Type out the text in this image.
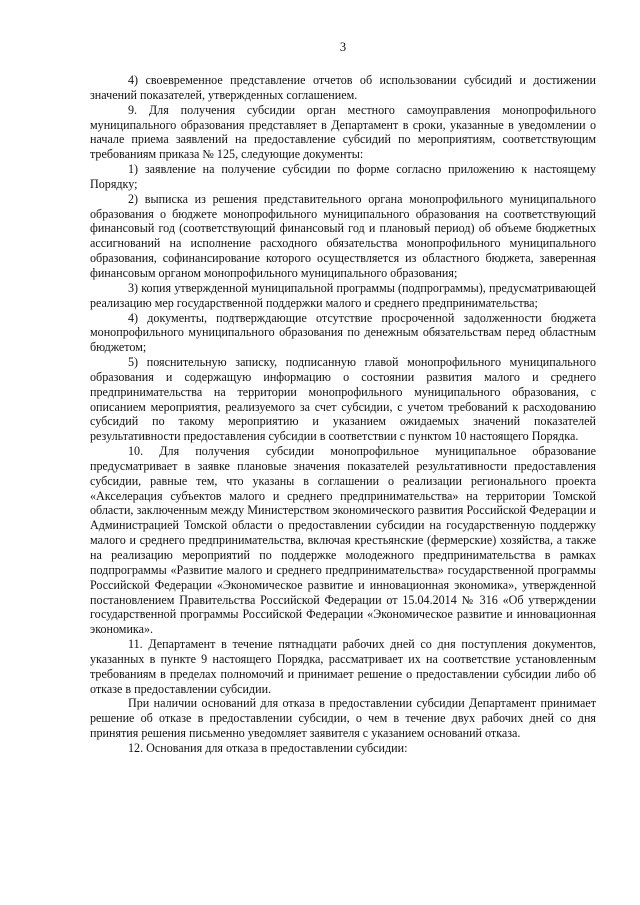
3

4) своевременное представление отчетов об использовании субсидий и достижении значений показателей, утвержденных соглашением.

9. Для получения субсидии орган местного самоуправления монопрофильного муниципального образования представляет в Департамент в сроки, указанные в уведомлении о начале приема заявлений на предоставление субсидий по мероприятиям, соответствующим требованиям приказа № 125, следующие документы:

1) заявление на получение субсидии по форме согласно приложению к настоящему Порядку;

2) выписка из решения представительного органа монопрофильного муниципального образования о бюджете монопрофильного муниципального образования на соответствующий финансовый год (соответствующий финансовый год и плановый период) об объеме бюджетных ассигнований на исполнение расходного обязательства монопрофильного муниципального образования, софинансирование которого осуществляется из областного бюджета, заверенная финансовым органом монопрофильного муниципального образования;

3) копия утвержденной муниципальной программы (подпрограммы), предусматривающей реализацию мер государственной поддержки малого и среднего предпринимательства;

4) документы, подтверждающие отсутствие просроченной задолженности бюджета монопрофильного муниципального образования по денежным обязательствам перед областным бюджетом;

5) пояснительную записку, подписанную главой монопрофильного муниципального образования и содержащую информацию о состоянии развития малого и среднего предпринимательства на территории монопрофильного муниципального образования, с описанием мероприятия, реализуемого за счет субсидии, с учетом требований к расходованию субсидий по такому мероприятию и указанием ожидаемых значений показателей результативности предоставления субсидии в соответствии с пунктом 10 настоящего Порядка.

10. Для получения субсидии монопрофильное муниципальное образование предусматривает в заявке плановые значения показателей результативности предоставления субсидии, равные тем, что указаны в соглашении о реализации регионального проекта «Акселерация субъектов малого и среднего предпринимательства» на территории Томской области, заключенным между Министерством экономического развития Российской Федерации и Администрацией Томской области о предоставлении субсидии на государственную поддержку малого и среднего предпринимательства, включая крестьянские (фермерские) хозяйства, а также на реализацию мероприятий по поддержке молодежного предпринимательства в рамках подпрограммы «Развитие малого и среднего предпринимательства» государственной программы Российской Федерации «Экономическое развитие и инновационная экономика», утвержденной постановлением Правительства Российской Федерации от 15.04.2014 № 316 «Об утверждении государственной программы Российской Федерации «Экономическое развитие и инновационная экономика».

11. Департамент в течение пятнадцати рабочих дней со дня поступления документов, указанных в пункте 9 настоящего Порядка, рассматривает их на соответствие установленным требованиям в пределах полномочий и принимает решение о предоставлении субсидии либо об отказе в предоставлении субсидии.

При наличии оснований для отказа в предоставлении субсидии Департамент принимает решение об отказе в предоставлении субсидии, о чем в течение двух рабочих дней со дня принятия решения письменно уведомляет заявителя с указанием оснований отказа.

12. Основания для отказа в предоставлении субсидии:
